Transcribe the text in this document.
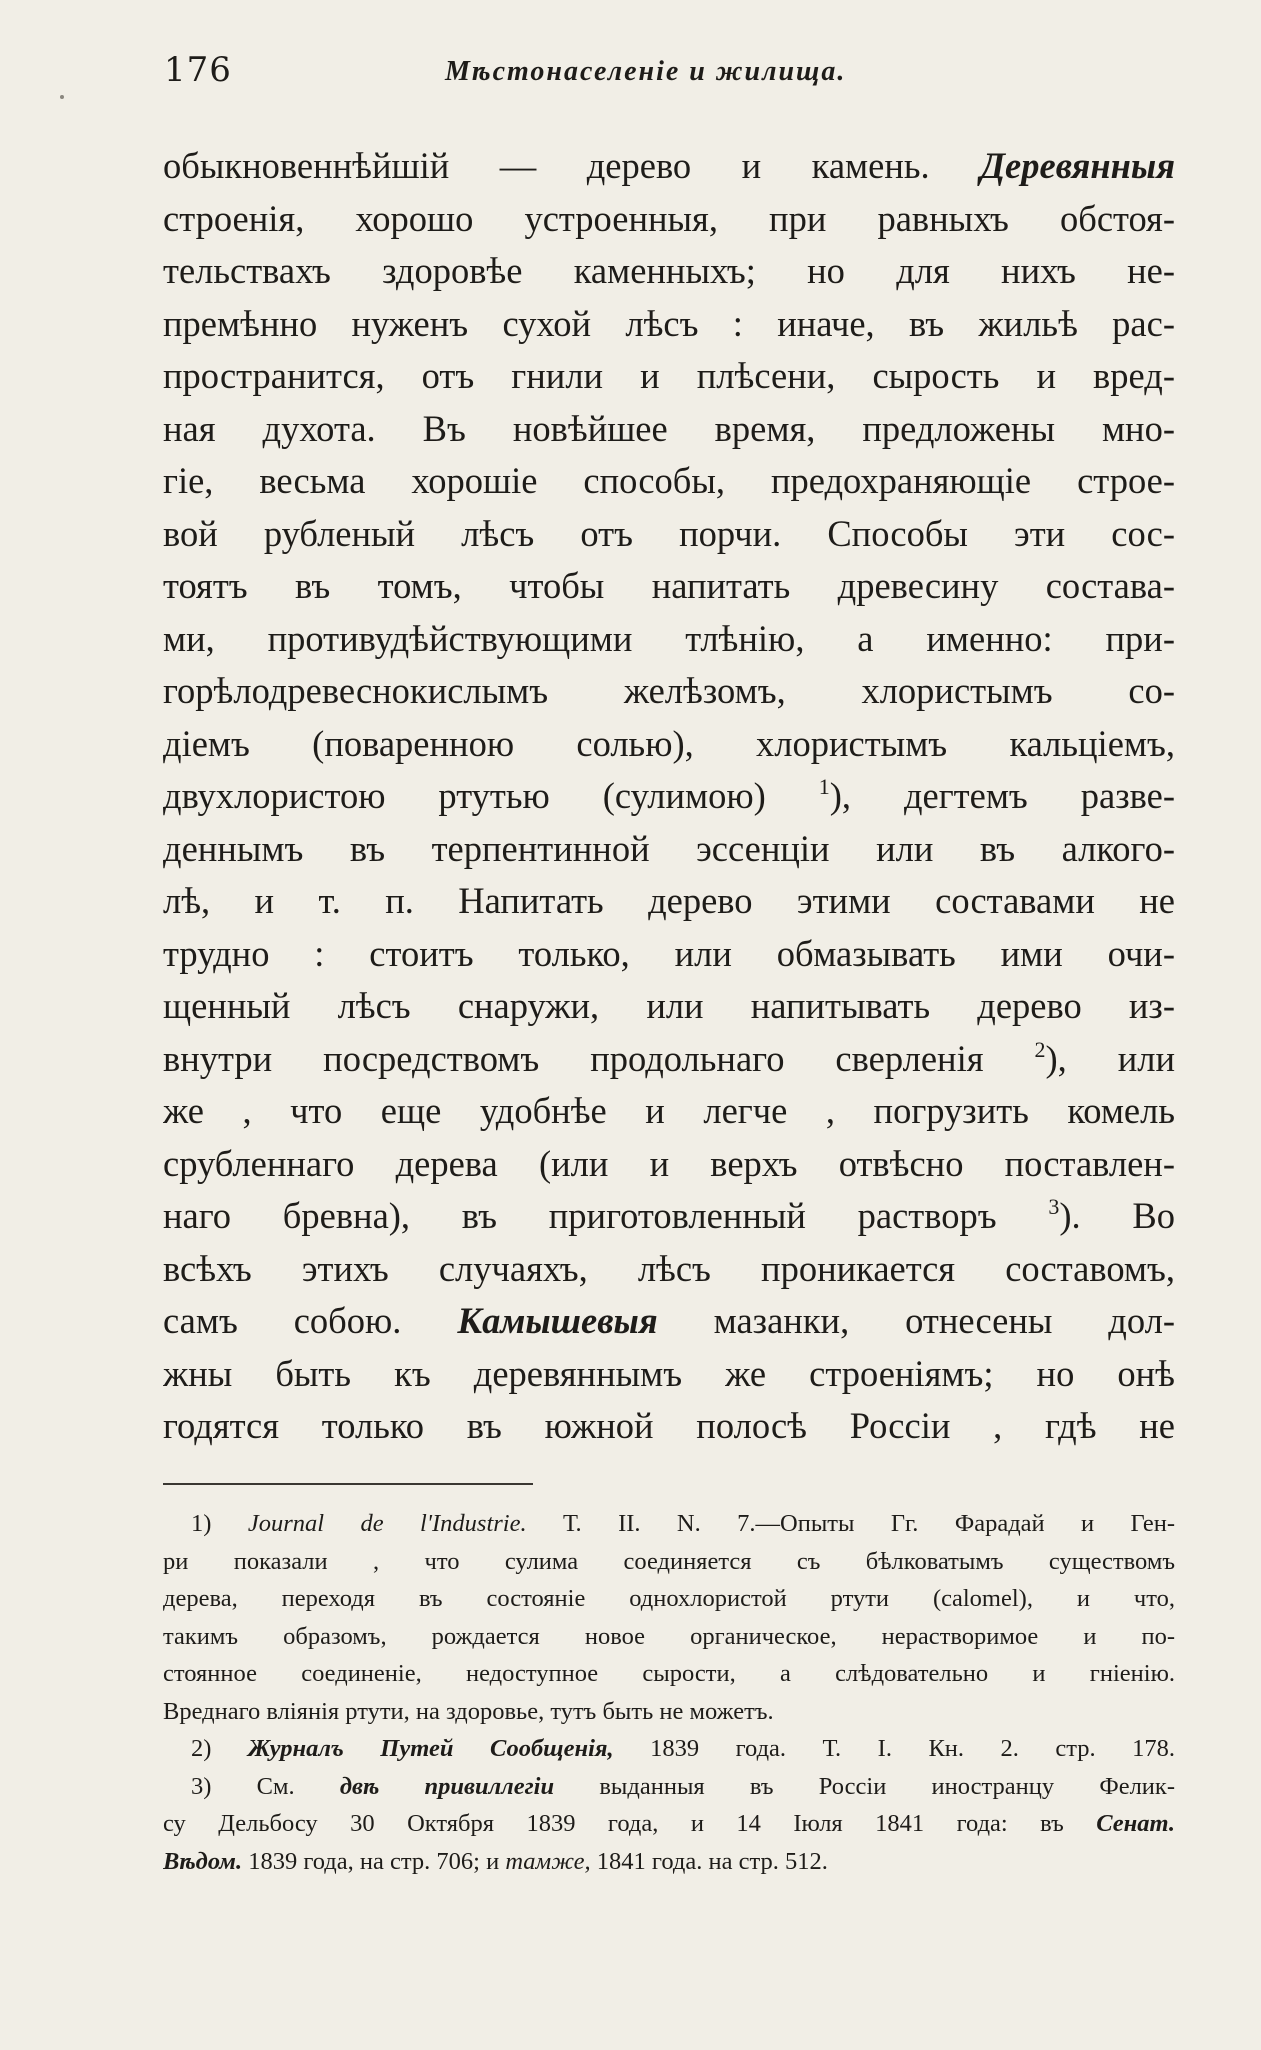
176	Мѣстонаселеніе и жилища.
обыкновеннѣйшій — дерево и камень. Деревянныя
строенія, хорошо устроенныя, при равныхъ обстоя-
тельствахъ здоровѣе каменныхъ; но для нихъ не-
премѣнно нуженъ сухой лѣсъ : иначе, въ жильѣ рас-
пространится, отъ гнили и плѣсени, сырость и вред-
ная духота. Въ новѣйшее время, предложены мно-
гіе, весьма хорошіе способы, предохраняющіе строе-
вой рубленый лѣсъ отъ порчи. Способы эти сос-
тоятъ въ томъ, чтобы напитать древесину состава-
ми, противудѣйствующими тлѣнію, а именно: при-
горѣлодревеснокислымъ желѣзомъ, хлористымъ со-
діемъ (поваренною солью), хлористымъ кальціемъ,
двухлористою ртутью (сулимою) $^1$), дегтемъ разве-
деннымъ въ терпентинной эссенціи или въ алкого-
лѣ, и т. п. Напитать дерево этими составами не
трудно : стоитъ только, или обмазывать ими очи-
щенный лѣсъ снаружи, или напитывать дерево из-
внутри посредствомъ продольнаго сверленія $^2$), или
же , что еще удобнѣе и легче , погрузить комель
срубленнаго дерева (или и верхъ отвѣсно поставлен-
наго бревна), въ приготовленный растворъ $^3$). Во
всѣхъ этихъ случаяхъ, лѣсъ проникается составомъ,
самъ собою. Камышевыя мазанки, отнесены дол-
жны быть къ деревяннымъ же строеніямъ; но онѣ
годятся только въ южной полосѣ Россіи , гдѣ не
1) Journal de l'Industrie. Т. II. N. 7.—Опыты Гг. Фарадай и Ген-
ри показали , что сулима соединяется съ бѣлковатымъ существомъ
дерева, переходя въ состояніе однохлористой ртути (calomel), и что,
такимъ образомъ, рождается новое органическое, нерастворимое и по-
стоянное соединеніе, недоступное сырости, а слѣдовательно и гніенію.
Вреднаго вліянія ртути, на здоровье, тутъ быть не можетъ.
2) Журналъ Путей Сообщенія, 1839 года. Т. I. Кн. 2. стр. 178.
3) См. двѣ привиллегіи выданныя въ Россіи иностранцу Фелик-
су Дельбосу 30 Октября 1839 года, и 14 Іюля 1841 года: въ Сенат.
Вѣдом. 1839 года, на стр. 706; и тамже, 1841 года. на стр. 512.
